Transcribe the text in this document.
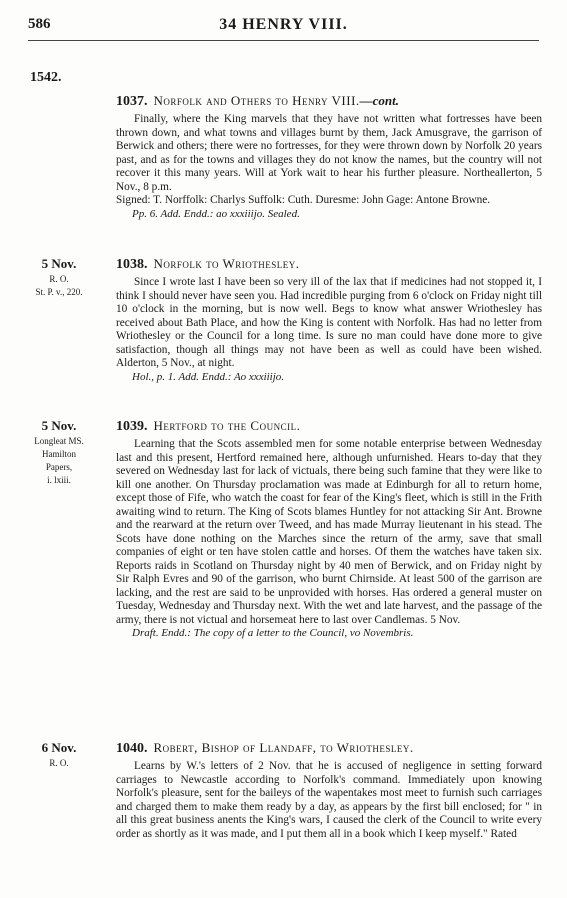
586	34 HENRY VIII.
1542.

1037. Norfolk and Others to Henry VIII.—cont.

Finally, where the King marvels that they have not written what fortresses have been thrown down, and what towns and villages burnt by them, Jack Amusgrave, the garrison of Berwick and others; there were no fortresses, for they were thrown down by Norfolk 20 years past, and as for the towns and villages they do not know the names, but the country will not recover it this many years. Will at York wait to hear his further pleasure. Northeallerton, 5 Nov., 8 p.m.

Signed: T. Norffolk: Charlys Suffolk: Cuth. Duresme: John Gage: Antone Browne.

Pp. 6. Add. Endd.: ao xxxiiijo. Sealed.

5 Nov.
R. O.
St. P. v., 220.

1038. Norfolk to Wriothesley.

Since I wrote last I have been so very ill of the lax that if medicines had not stopped it, I think I should never have seen you. Had incredible purging from 6 o'clock on Friday night till 10 o'clock in the morning, but is now well. Begs to know what answer Wriothesley has received about Bath Place, and how the King is content with Norfolk. Has had no letter from Wriothesley or the Council for a long time. Is sure no man could have done more to give satisfaction, though all things may not have been as well as could have been wished. Alderton, 5 Nov., at night.

Hol., p. 1. Add. Endd.: Ao xxxiiijo.

5 Nov.
Longleat MS.
Hamilton
Papers,
i. lxiii.

1039. Hertford to the Council.

Learning that the Scots assembled men for some notable enterprise between Wednesday last and this present, Hertford remained here, although unfurnished. Hears to-day that they severed on Wednesday last for lack of victuals, there being such famine that they were like to kill one another. On Thursday proclamation was made at Edinburgh for all to return home, except those of Fife, who watch the coast for fear of the King's fleet, which is still in the Frith awaiting wind to return. The King of Scots blames Huntley for not attacking Sir Ant. Browne and the rearward at the return over Tweed, and has made Murray lieutenant in his stead. The Scots have done nothing on the Marches since the return of the army, save that small companies of eight or ten have stolen cattle and horses. Of them the watches have taken six. Reports raids in Scotland on Thursday night by 40 men of Berwick, and on Friday night by Sir Ralph Evres and 90 of the garrison, who burnt Chirnside. At least 500 of the garrison are lacking, and the rest are said to be unprovided with horses. Has ordered a general muster on Tuesday, Wednesday and Thursday next. With the wet and late harvest, and the passage of the army, there is not victual and horsemeat here to last over Candlemas. 5 Nov.

Draft. Endd.: The copy of a letter to the Council, vo Novembris.

6 Nov.
R. O.

1040. Robert, Bishop of Llandaff, to Wriothesley.

Learns by W.'s letters of 2 Nov. that he is accused of negligence in setting forward carriages to Newcastle according to Norfolk's command. Immediately upon knowing Norfolk's pleasure, sent for the baileys of the wapentakes most meet to furnish such carriages and charged them to make them ready by a day, as appears by the first bill enclosed; for " in all this great business anents the King's wars, I caused the clerk of the Council to write every order as shortly as it was made, and I put them all in a book which I keep myself." Rated
